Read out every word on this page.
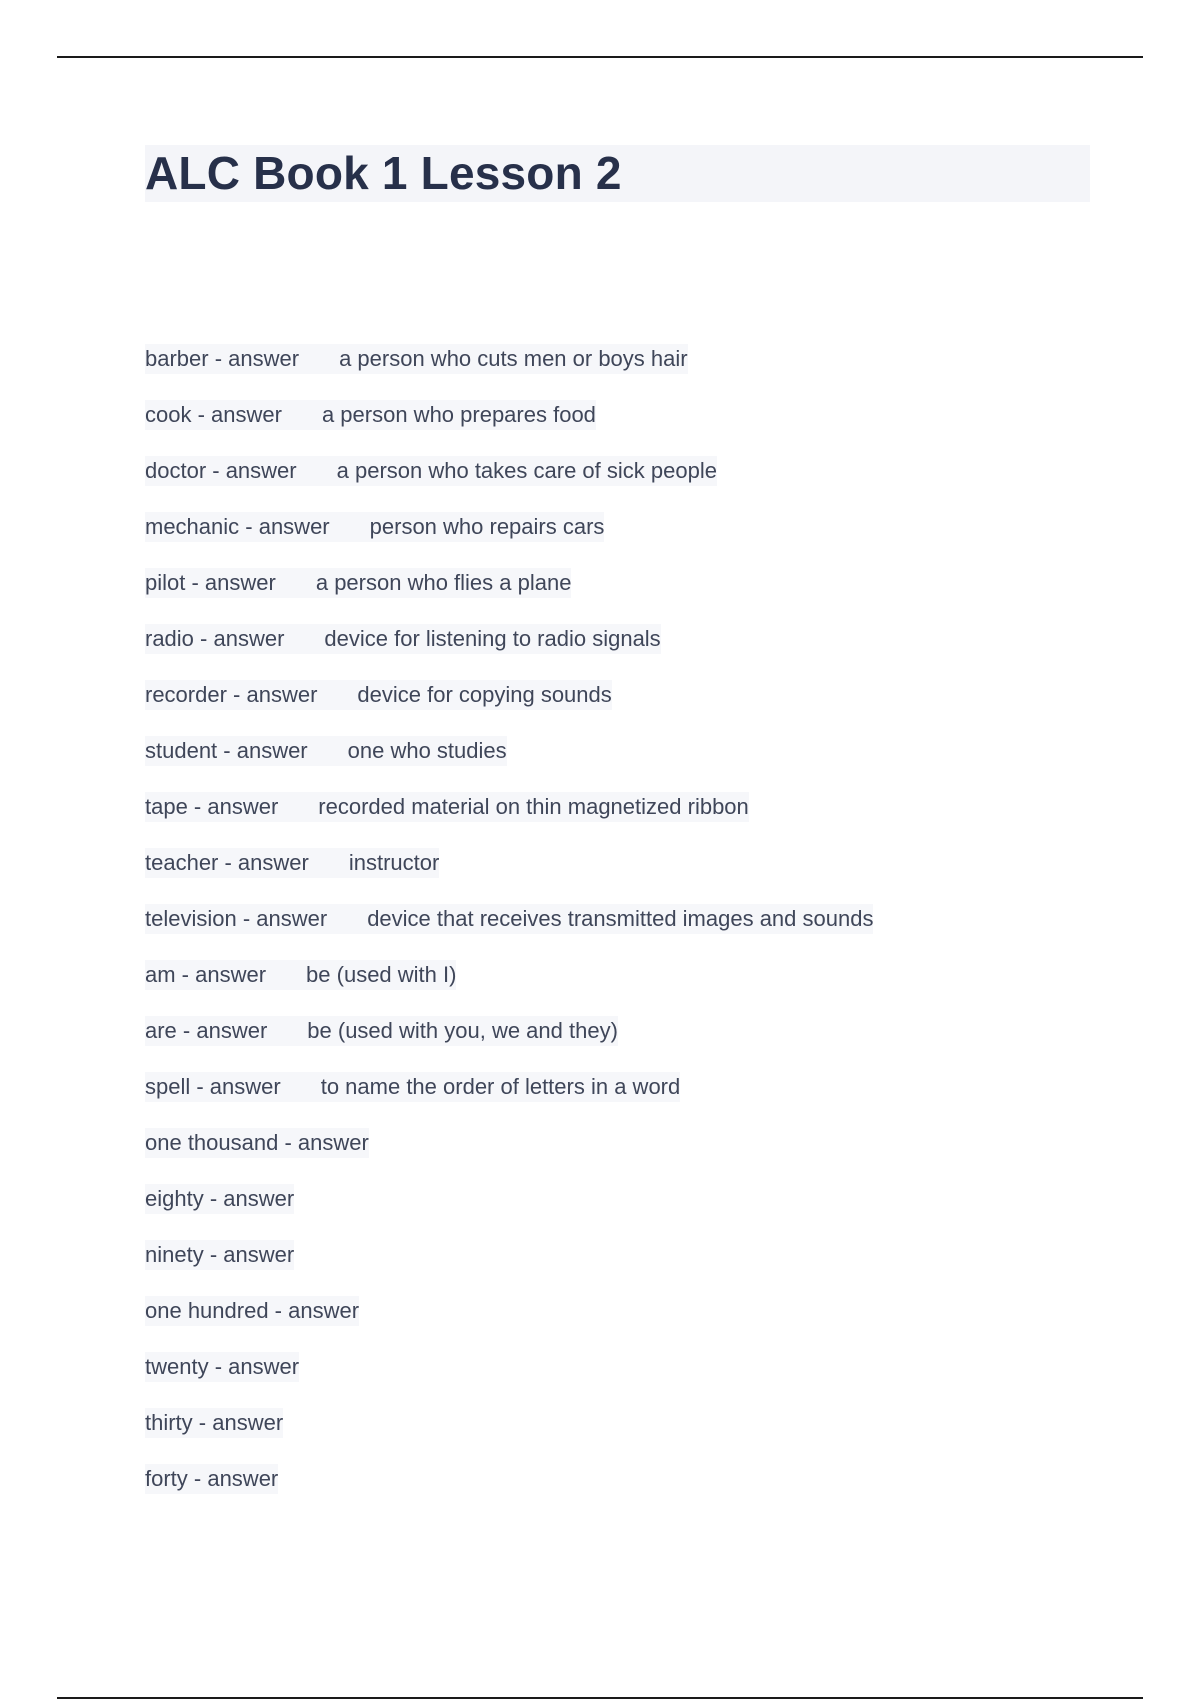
ALC Book 1 Lesson 2
barber - answer a person who cuts men or boys hair
cook - answer a person who prepares food
doctor - answer a person who takes care of sick people
mechanic - answer person who repairs cars
pilot - answer a person who flies a plane
radio - answer device for listening to radio signals
recorder - answer device for copying sounds
student - answer one who studies
tape - answer recorded material on thin magnetized ribbon
teacher - answer instructor
television - answer device that receives transmitted images and sounds
am - answer be (used with I)
are - answer be (used with you, we and they)
spell - answer to name the order of letters in a word
one thousand - answer
eighty - answer
ninety - answer
one hundred - answer
twenty - answer
thirty - answer
forty - answer
